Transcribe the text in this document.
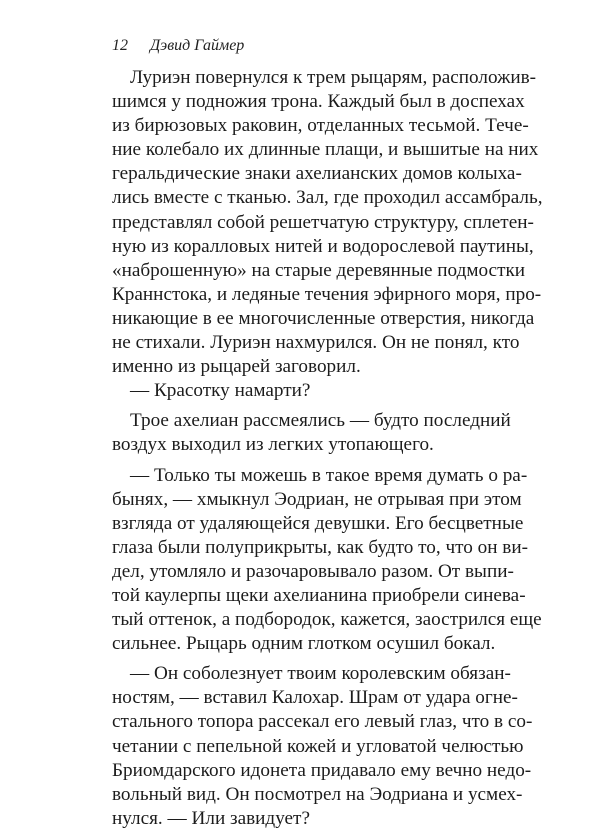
12 Дэвид Гаймер
Луриэн повернулся к трем рыцарям, расположив-
шимся у подножия трона. Каждый был в доспехах
из бирюзовых раковин, отделанных тесьмой. Тече-
ние колебало их длинные плащи, и вышитые на них
геральдические знаки ахелианских домов колыха-
лись вместе с тканью. Зал, где проходил ассамбраль,
представлял собой решетчатую структуру, сплетен-
ную из коралловых нитей и водорослевой паутины,
«наброшенную» на старые деревянные подмостки
Краннстока, и ледяные течения эфирного моря, про-
никающие в ее многочисленные отверстия, никогда
не стихали. Луриэн нахмурился. Он не понял, кто
именно из рыцарей заговорил.
— Красотку намарти?
Трое ахелиан рассмеялись — будто последний
воздух выходил из легких утопающего.
— Только ты можешь в такое время думать о ра-
бынях, — хмыкнул Эодриан, не отрывая при этом
взгляда от удаляющейся девушки. Его бесцветные
глаза были полуприкрыты, как будто то, что он ви-
дел, утомляло и разочаровывало разом. От выпи-
той каулерпы щеки ахелианина приобрели синева-
тый оттенок, а подбородок, кажется, заострился еще
сильнее. Рыцарь одним глотком осушил бокал.
— Он соболезнует твоим королевским обязан-
ностям, — вставил Калохар. Шрам от удара огне-
стального топора рассекал его левый глаз, что в со-
четании с пепельной кожей и угловатой челюстью
Бриомдарского идонета придавало ему вечно недо-
вольный вид. Он посмотрел на Эодриана и усмех-
нулся. — Или завидует?
